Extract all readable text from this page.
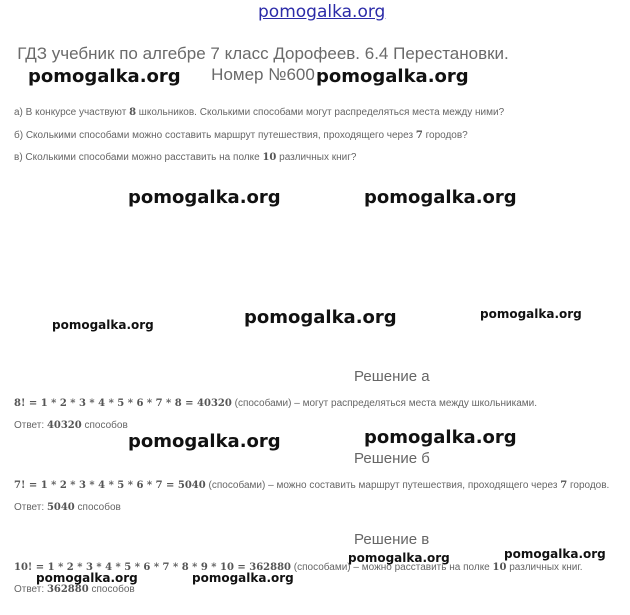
pomogalka.org
ГДЗ учебник по алгебре 7 класс Дорофеев. 6.4 Перестановки. Номер №600
а) В конкурсе участвуют 8 школьников. Сколькими способами могут распределяться места между ними?
б) Сколькими способами можно составить маршрут путешествия, проходящего через 7 городов?
в) Сколькими способами можно расставить на полке 10 различных книг?
Решение а
8! = 1 * 2 * 3 * 4 * 5 * 6 * 7 * 8 = 40320 (способами) – могут распределяться места между школьниками.
Ответ: 40320 способов
Решение б
7! = 1 * 2 * 3 * 4 * 5 * 6 * 7 = 5040 (способами) – можно составить маршрут путешествия, проходящего через 7 городов.
Ответ: 5040 способов
Решение в
10! = 1 * 2 * 3 * 4 * 5 * 6 * 7 * 8 * 9 * 10 = 362880 (способами) – можно расставить на полке 10 различных книг.
Ответ: 362880 способов
pomogalka.org	pomogalka.org
pomogalka.org	pomogalka.org
pomogalka.org	pomogalka.org	pomogalka.org
pomogalka.org	pomogalka.org
pomogalka.org	pomogalka.org
pomogalka.org	pomogalka.org
